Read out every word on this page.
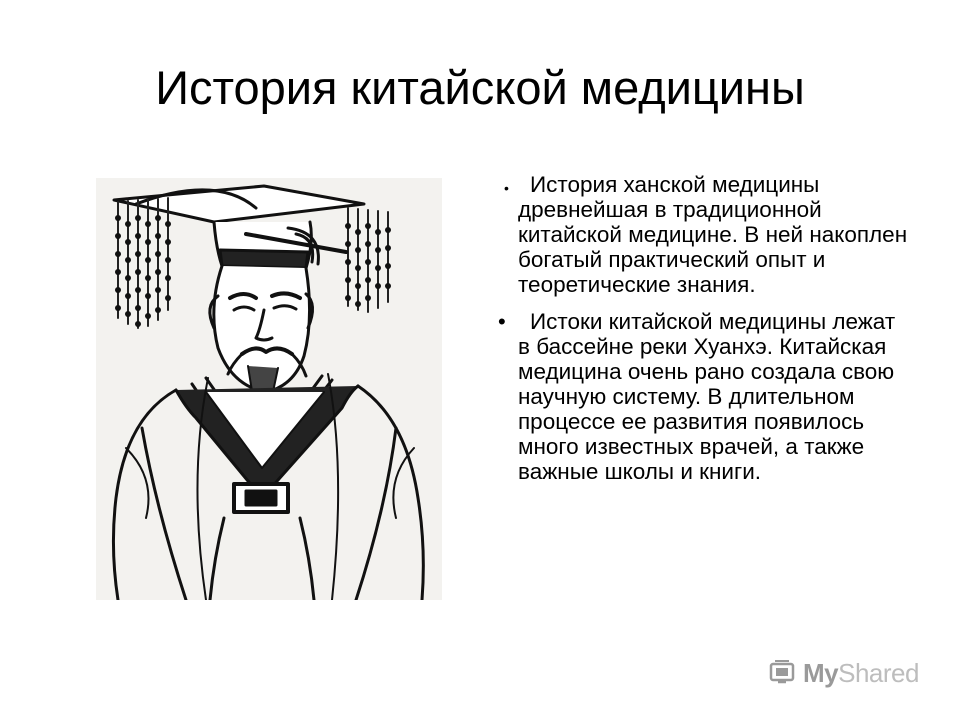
История китайской медицины
• История ханской медицины древнейшая в традиционной китайской медицине. В ней накоплен богатый практический опыт и теоретические знания.
•	Истоки китайской медицины лежат в бассейне реки Хуанхэ. Китайская медицина очень рано создала свою научную систему. В длительном процессе ее развития появилось много известных врачей, а также важные школы и книги.
MyShared
